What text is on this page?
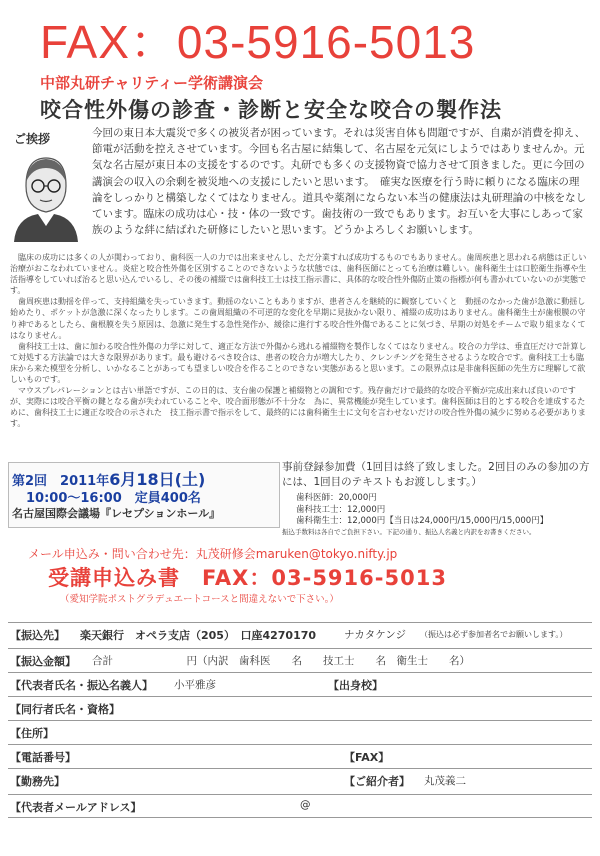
FAX：03-5916-5013
中部丸研チャリティー学術講演会
咬合性外傷の診査・診断と安全な咬合の製作法
ご挨拶	今回の東日本大震災で多くの被災者が困っています。それは災害自体も問題ですが、自粛が消費を抑え、節電が活動を控えさせています。今回も名古屋に結集して、名古屋を元気にしようではありませんか。元気な名古屋が東日本の支援をするのです。丸研でも多くの支援物資で協力させて頂きました。更に今回の講演会の収入の余剰を被災地への支援にしたいと思います。　確実な医療を行う時に頼りになる臨床の理論をしっかりと構築しなくてはなりません。道具や薬剤にならない本当の健康法は丸研理論の中核をなしています。臨床の成功は心・技・体の一致です。歯技術の一致でもあります。お互いを大事にしあって家族のような絆に結ばれた研修にしたいと思います。どうかよろしくお願いします。

臨床の成功には多くの人が関わっており、歯科医一人の力では出来ませんし、ただ分業すれば成功するものでもありません。歯周疾患と思われる病態は正しい治療がおこなわれていません。炎症と咬合性外傷を区別することのできないような状態では、歯科医師にとっても治療は難しい。歯科衛生士は口腔衛生指導や生活指導をしていれば治ると思い込んでいるし、その後の補綴では歯科技工士は技工指示書に、具体的な咬合性外傷防止策の指標が何も書かれていないのが実態です。

歯周疾患は動揺を伴って、支持組織を失っていきます。動揺のないこともありますが、患者さんを継続的に観察していくと　動揺のなかった歯が急激に動揺し始めたり、ポケットが急激に深くなったりします。この歯周組織の不可逆的な変化を早期に見抜かない限り、補綴の成功はありません。歯科衛生士が歯根膜の守り神であるとしたら、歯根膜を失う原因は、急激に発生する急性発作か、緩徐に進行する咬合性外傷であることに気づき、早期の対処をチームで取り組まなくてはなりません。

歯科技工士は、歯に加わる咬合性外傷の力学に対して、適正な方法で外傷から逃れる補綴物を製作しなくてはなりません。咬合の力学は、垂直圧だけで計算して対処する方法論では大きな限界があります。最も避けるべき咬合は、患者の咬合力が増大したり、クレンチングを発生させるような咬合です。歯科技工士も臨床から来た模型を分析し、いかなることがあっても望ましい咬合を作ることのできない実態があると思います。この限界点は是非歯科医師の先生方に理解して欲しいものです。

マウスプレパレーションとは古い単語ですが、この日的は、支台歯の保護と補綴物との調和です。残存歯だけで最終的な咬合平衡が完成出来れば良いのですが、実際には咬合平衡の鍵となる歯が失われていることや、咬合面形態が不十分な　為に、異常機能が発生しています。歯科医師は目的とする咬合を達成するために、歯科技工士に適正な咬合の示された　技工指示書で指示をして、最終的には歯科衛生士に文句を言わせないだけの咬合性外傷の減少に努める必要があります。

第2回　2011年6月18日(土)
10:00〜16:00　定員400名
名古屋国際会議場『レセプションホール』
事前登録参加費（1回目は終了致しました。2回目のみの参加の方には、1回目のテキストもお渡しします。）
歯科医師：20,000円
歯科技工士：12,000円
歯科衛生士：12,000円【当日は24,000円/15,000円/15,000円】
振込手数料は各自でご負担下さい。下記の通り、振込人名義と内訳をお書きください。
メール申込み・問い合わせ先：丸茂研修会maruken@tokyo.nifty.jp
受講申込み書　FAX：03-5916-5013
（愛知学院ポストグラデュエートコースと間違えないで下さい。）
【振込先】 楽天銀行　オペラ支店（205）　口座4270170	ナカタケンジ （振込は必ず参加者名でお願いします。）
【振込金額】 合計　　　　　　　円（内訳　歯科医　　名　　技工士　　名　衛生士　　名）
【代表者氏名・振込名義人】 小平雅彦	【出身校】
【同行者氏名・資格】
【住所】
【電話番号】	【FAX】
【勤務先】	【ご紹介者】 丸茂義二
【代表者メールアドレス】	@
